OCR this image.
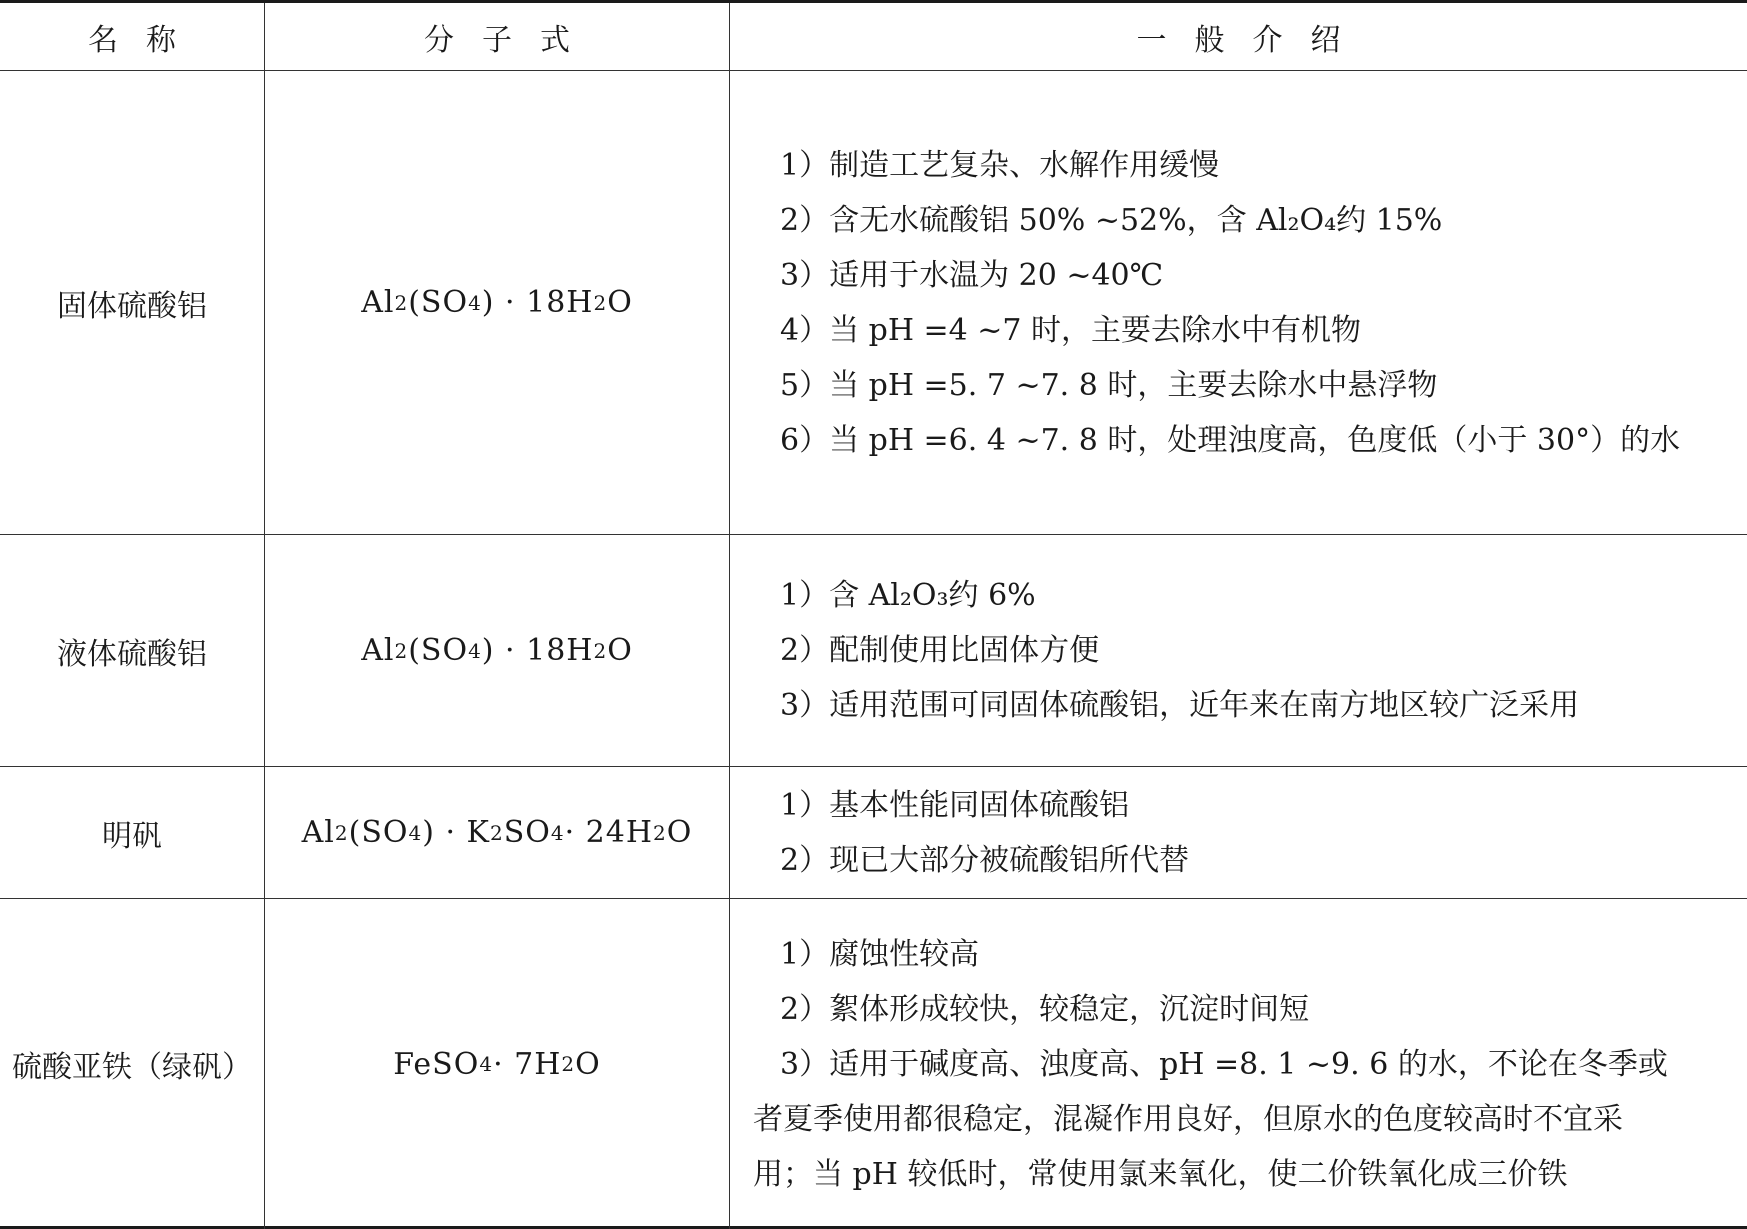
名称	分子式	一般介绍
固体硫酸铝	Al 2 (SO 4 ) · 18H 2 O
1）制造工艺复杂、水解作用缓慢
2）含无水硫酸铝 50% ~52%，含 Al₂O₄约 15%
3）适用于水温为 20 ~40℃
4）当 pH =4 ~7 时，主要去除水中有机物
5）当 pH =5. 7 ~7. 8 时，主要去除水中悬浮物
6）当 pH =6. 4 ~7. 8 时，处理浊度高，色度低（小于 30°）的水
液体硫酸铝	Al 2 (SO 4 ) · 18H 2 O
1）含 Al₂O₃约 6%
2）配制使用比固体方便
3）适用范围可同固体硫酸铝，近年来在南方地区较广泛采用
明矾	Al 2 (SO 4 ) · K 2 SO 4 · 24H 2 O
1）基本性能同固体硫酸铝
2）现已大部分被硫酸铝所代替
硫酸亚铁（绿矾）	FeSO 4 · 7H 2 O
1）腐蚀性较高
2）絮体形成较快，较稳定，沉淀时间短
3）适用于碱度高、浊度高、pH =8. 1 ~9. 6 的水，不论在冬季或
者夏季使用都很稳定，混凝作用良好，但原水的色度较高时不宜采
用；当 pH 较低时，常使用氯来氧化，使二价铁氧化成三价铁
